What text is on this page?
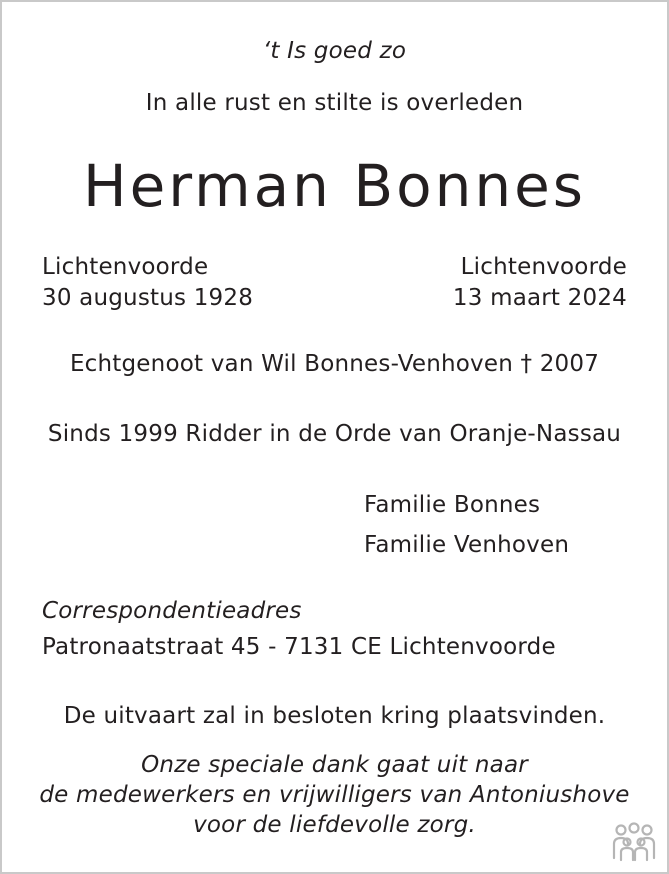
‘t Is goed zo
In alle rust en stilte is overleden
Herman Bonnes
Lichtenvoorde
30 augustus 1928
Lichtenvoorde
13 maart 2024
Echtgenoot van Wil Bonnes-Venhoven † 2007
Sinds 1999 Ridder in de Orde van Oranje-Nassau
Familie Bonnes
Familie Venhoven
Correspondentieadres
Patronaatstraat 45 - 7131 CE Lichtenvoorde
De uitvaart zal in besloten kring plaatsvinden.
Onze speciale dank gaat uit naar
de medewerkers en vrijwilligers van Antoniushove
voor de liefdevolle zorg.
